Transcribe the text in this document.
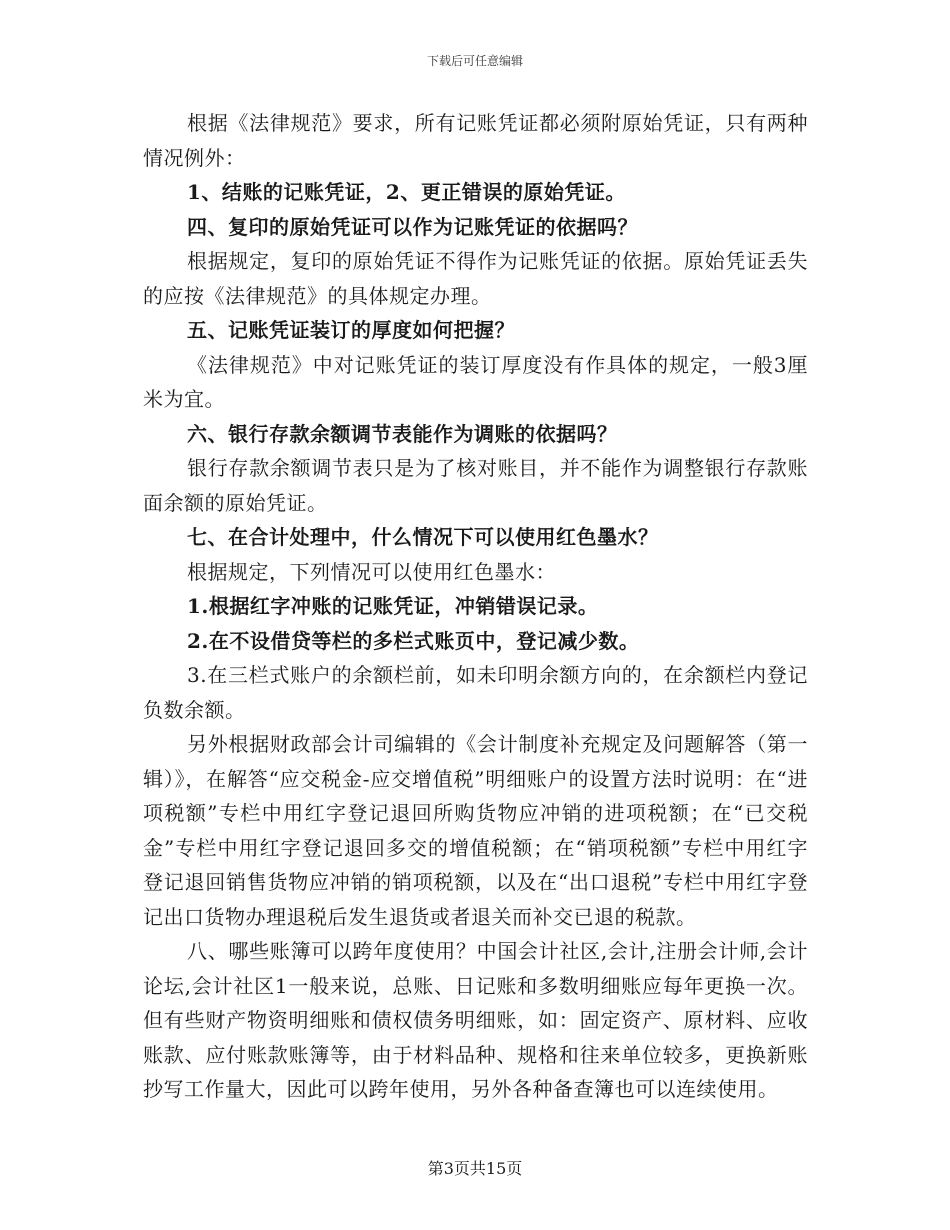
下载后可任意编辑

根据《法律规范》要求，所有记账凭证都必须附原始凭证，只有两种情况例外：

1、结账的记账凭证，2、更正错误的原始凭证。

四、复印的原始凭证可以作为记账凭证的依据吗？

根据规定，复印的原始凭证不得作为记账凭证的依据。原始凭证丢失的应按《法律规范》的具体规定办理。

五、记账凭证装订的厚度如何把握？

《法律规范》中对记账凭证的装订厚度没有作具体的规定，一般3厘米为宜。

六、银行存款余额调节表能作为调账的依据吗？

银行存款余额调节表只是为了核对账目，并不能作为调整银行存款账面余额的原始凭证。

七、在合计处理中，什么情况下可以使用红色墨水？

根据规定，下列情况可以使用红色墨水：

1.根据红字冲账的记账凭证，冲销错误记录。

2.在不设借贷等栏的多栏式账页中，登记减少数。

3.在三栏式账户的余额栏前，如未印明余额方向的，在余额栏内登记负数余额。

另外根据财政部会计司编辑的《会计制度补充规定及问题解答（第一辑）》，在解答“应交税金-应交增值税”明细账户的设置方法时说明：在“进项税额”专栏中用红字登记退回所购货物应冲销的进项税额；在“已交税金”专栏中用红字登记退回多交的增值税额；在“销项税额”专栏中用红字登记退回销售货物应冲销的销项税额，以及在“出口退税”专栏中用红字登记出口货物办理退税后发生退货或者退关而补交已退的税款。

八、哪些账簿可以跨年度使用？中国会计社区,会计,注册会计师,会计论坛,会计社区1一般来说，总账、日记账和多数明细账应每年更换一次。但有些财产物资明细账和债权债务明细账，如：固定资产、原材料、应收账款、应付账款账簿等，由于材料品种、规格和往来单位较多，更换新账抄写工作量大，因此可以跨年使用，另外各种备查簿也可以连续使用。

第3页共15页
